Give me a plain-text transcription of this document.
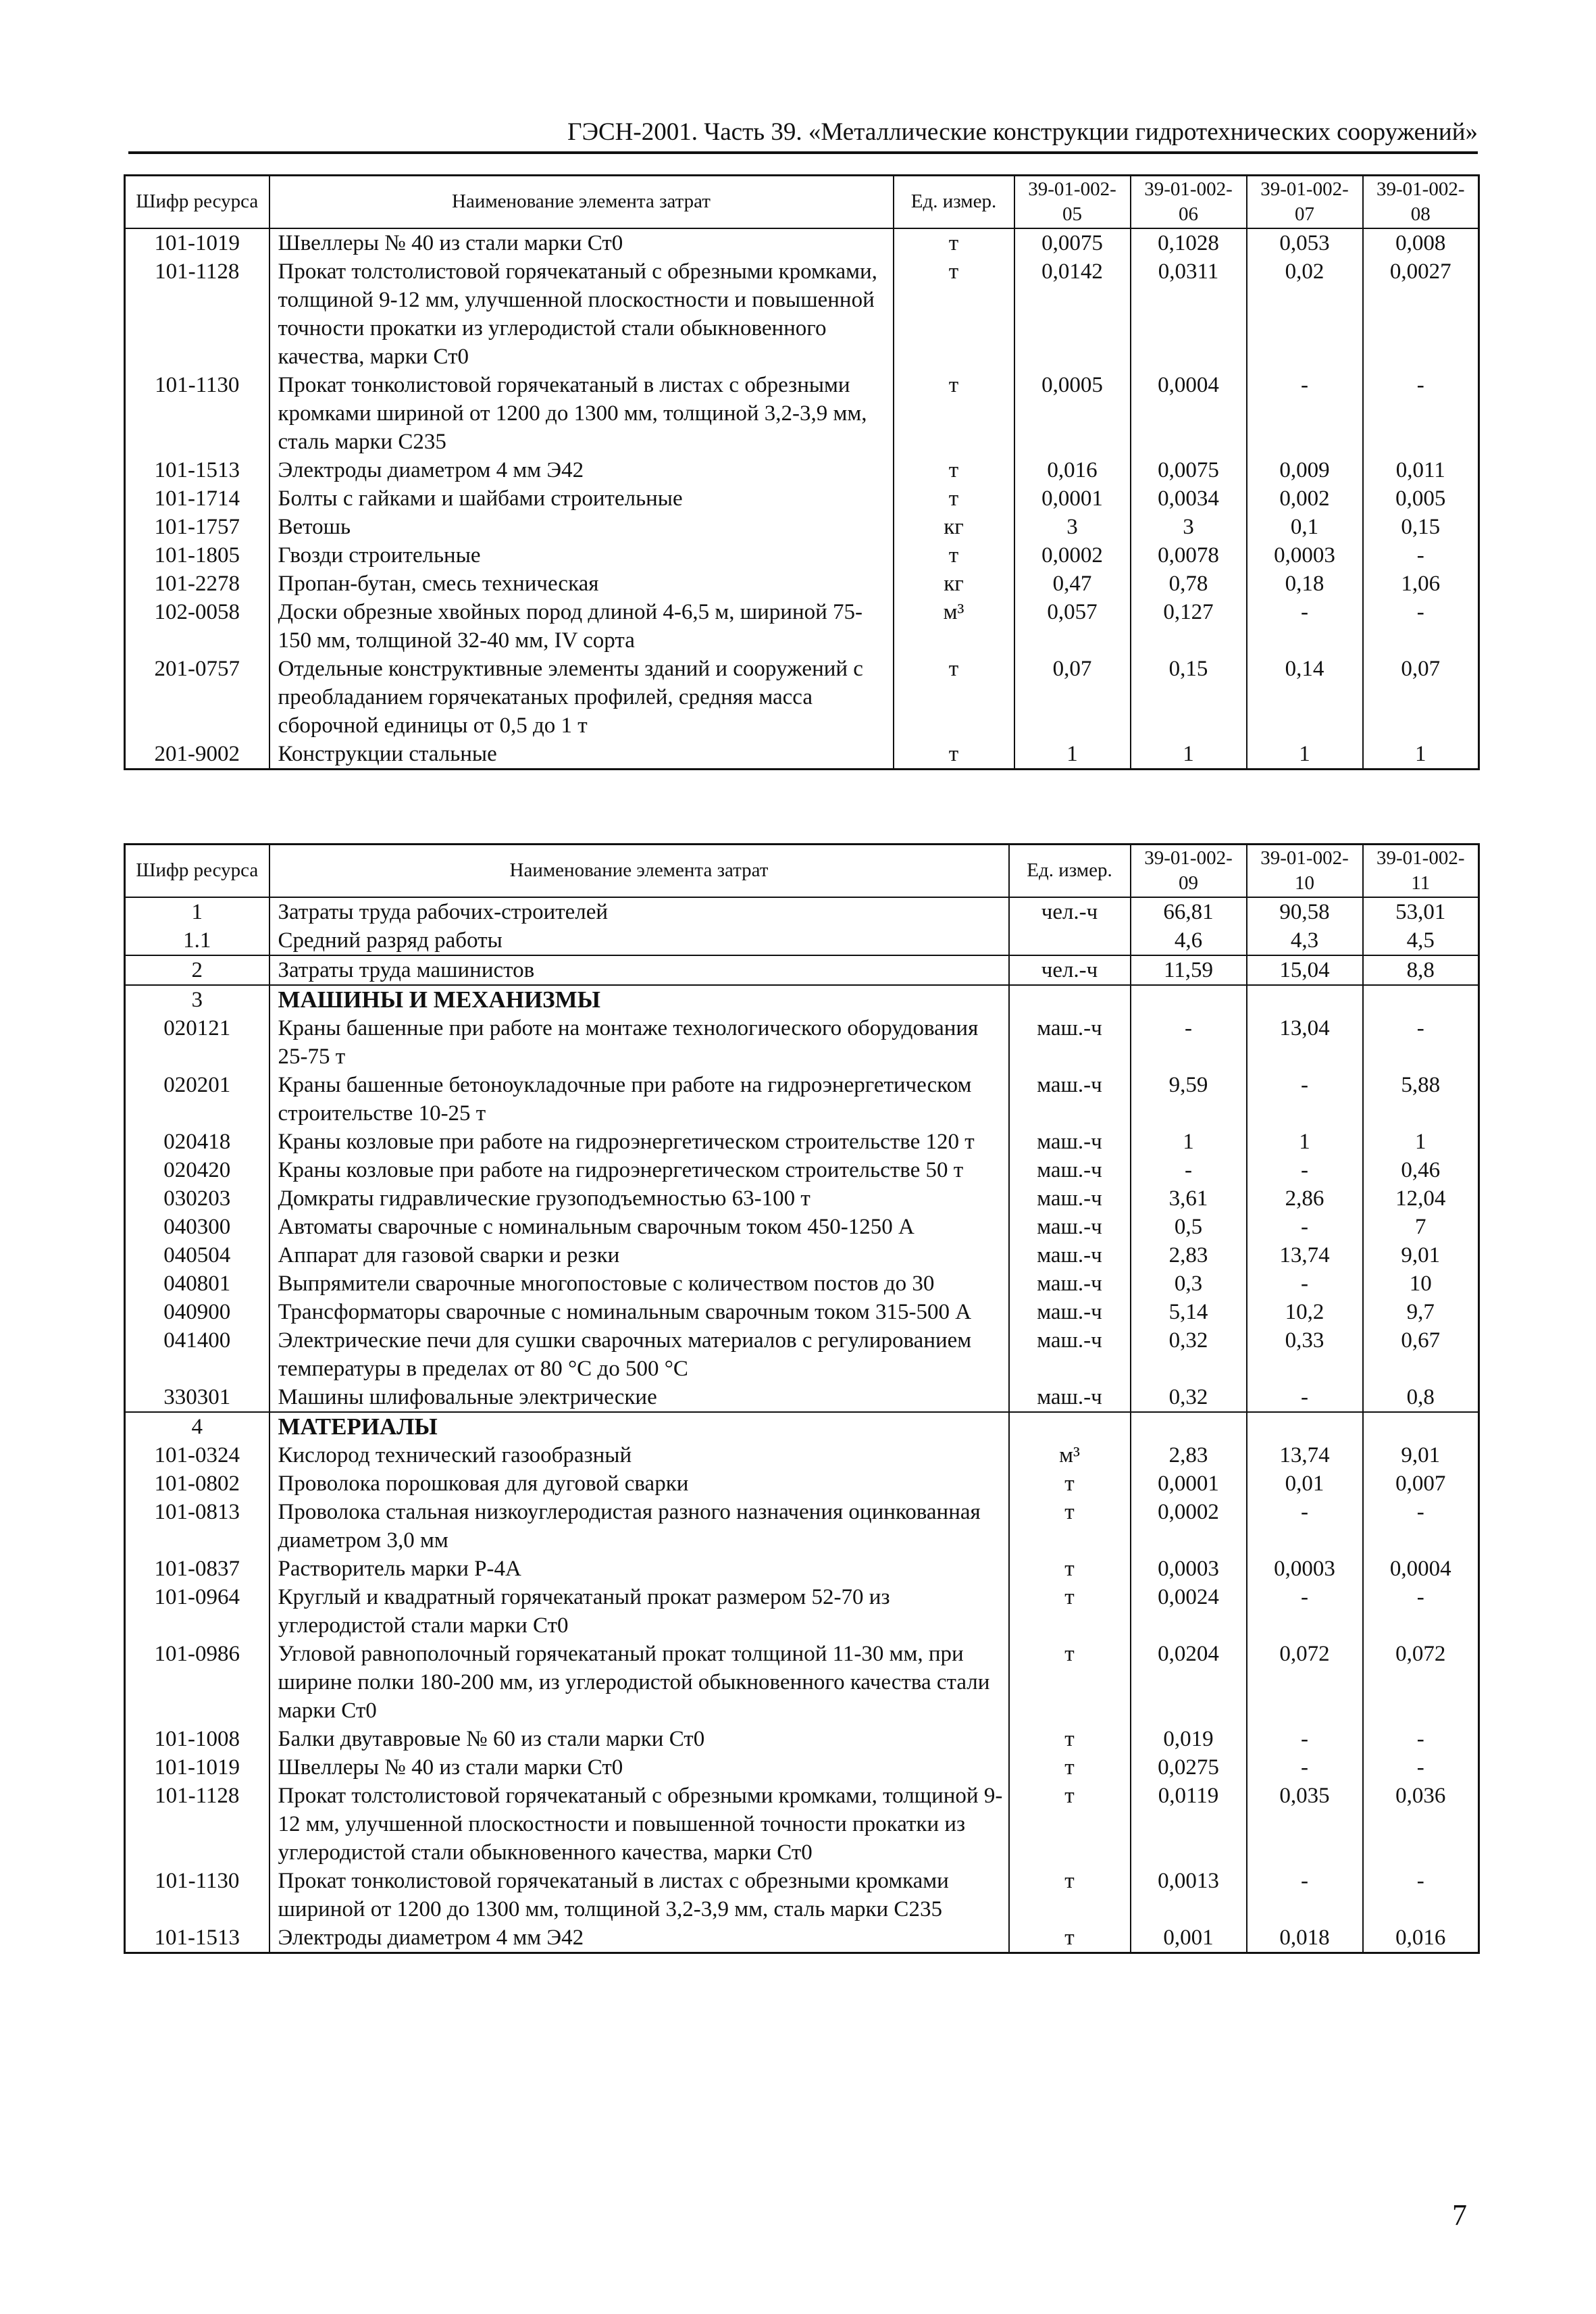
ГЭСН-2001. Часть 39. «Металлические конструкции гидротехнических сооружений»
Шифр ресурса	Наименование элемента затрат	Ед. измер.	39-01-002-05	39-01-002-06	39-01-002-07	39-01-002-08
101-1019	Швеллеры № 40 из стали марки Ст0	т	0,0075	0,1028	0,053	0,008
101-1128	Прокат толстолистовой горячекатаный с обрезными кромками, толщиной 9-12 мм, улучшенной плоскостности и повышенной точности прокатки из углеродистой стали обыкновенного качества, марки Ст0	т	0,0142	0,0311	0,02	0,0027
101-1130	Прокат тонколистовой горячекатаный в листах с обрезными кромками шириной от 1200 до 1300 мм, толщиной 3,2-3,9 мм, сталь марки С235	т	0,0005	0,0004	-	-
101-1513	Электроды диаметром 4 мм Э42	т	0,016	0,0075	0,009	0,011
101-1714	Болты с гайками и шайбами строительные	т	0,0001	0,0034	0,002	0,005
101-1757	Ветошь	кг	3	3	0,1	0,15
101-1805	Гвозди строительные	т	0,0002	0,0078	0,0003	-
101-2278	Пропан-бутан, смесь техническая	кг	0,47	0,78	0,18	1,06
102-0058	Доски обрезные хвойных пород длиной 4-6,5 м, шириной 75-150 мм, толщиной 32-40 мм, IV сорта	м³	0,057	0,127	-	-
201-0757	Отдельные конструктивные элементы зданий и сооружений с преобладанием горячекатаных профилей, средняя масса сборочной единицы от 0,5 до 1 т	т	0,07	0,15	0,14	0,07
201-9002	Конструкции стальные	т	1	1	1	1
Шифр ресурса	Наименование элемента затрат	Ед. измер.	39-01-002-09	39-01-002-10	39-01-002-11
1	Затраты труда рабочих-строителей	чел.-ч	66,81	90,58	53,01
1.1	Средний разряд работы		4,6	4,3	4,5
2	Затраты труда машинистов	чел.-ч	11,59	15,04	8,8
3	МАШИНЫ И МЕХАНИЗМЫ				
020121	Краны башенные при работе на монтаже технологического оборудования 25-75 т	маш.-ч	-	13,04	-
020201	Краны башенные бетоноукладочные при работе на гидроэнергетическом строительстве 10-25 т	маш.-ч	9,59	-	5,88
020418	Краны козловые при работе на гидроэнергетическом строительстве 120 т	маш.-ч	1	1	1
020420	Краны козловые при работе на гидроэнергетическом строительстве 50 т	маш.-ч	-	-	0,46
030203	Домкраты гидравлические грузоподъемностью 63-100 т	маш.-ч	3,61	2,86	12,04
040300	Автоматы сварочные с номинальным сварочным током 450-1250 А	маш.-ч	0,5	-	7
040504	Аппарат для газовой сварки и резки	маш.-ч	2,83	13,74	9,01
040801	Выпрямители сварочные многопостовые с количеством постов до 30	маш.-ч	0,3	-	10
040900	Трансформаторы сварочные с номинальным сварочным током 315-500 А	маш.-ч	5,14	10,2	9,7
041400	Электрические печи для сушки сварочных материалов с регулированием температуры в пределах от 80 °С до 500 °С	маш.-ч	0,32	0,33	0,67
330301	Машины шлифовальные электрические	маш.-ч	0,32	-	0,8
4	МАТЕРИАЛЫ				
101-0324	Кислород технический газообразный	м³	2,83	13,74	9,01
101-0802	Проволока порошковая для дуговой сварки	т	0,0001	0,01	0,007
101-0813	Проволока стальная низкоуглеродистая разного назначения оцинкованная диаметром 3,0 мм	т	0,0002	-	-
101-0837	Растворитель марки Р-4А	т	0,0003	0,0003	0,0004
101-0964	Круглый и квадратный горячекатаный прокат размером 52-70 из углеродистой стали марки Ст0	т	0,0024	-	-
101-0986	Угловой равнополочный горячекатаный прокат толщиной 11-30 мм, при ширине полки 180-200 мм, из углеродистой обыкновенного качества стали марки Ст0	т	0,0204	0,072	0,072
101-1008	Балки двутавровые № 60 из стали марки Ст0	т	0,019	-	-
101-1019	Швеллеры № 40 из стали марки Ст0	т	0,0275	-	-
101-1128	Прокат толстолистовой горячекатаный с обрезными кромками, толщиной 9-12 мм, улучшенной плоскостности и повышенной точности прокатки из углеродистой стали обыкновенного качества, марки Ст0	т	0,0119	0,035	0,036
101-1130	Прокат тонколистовой горячекатаный в листах с обрезными кромками шириной от 1200 до 1300 мм, толщиной 3,2-3,9 мм, сталь марки С235	т	0,0013	-	-
101-1513	Электроды диаметром 4 мм Э42	т	0,001	0,018	0,016
7
